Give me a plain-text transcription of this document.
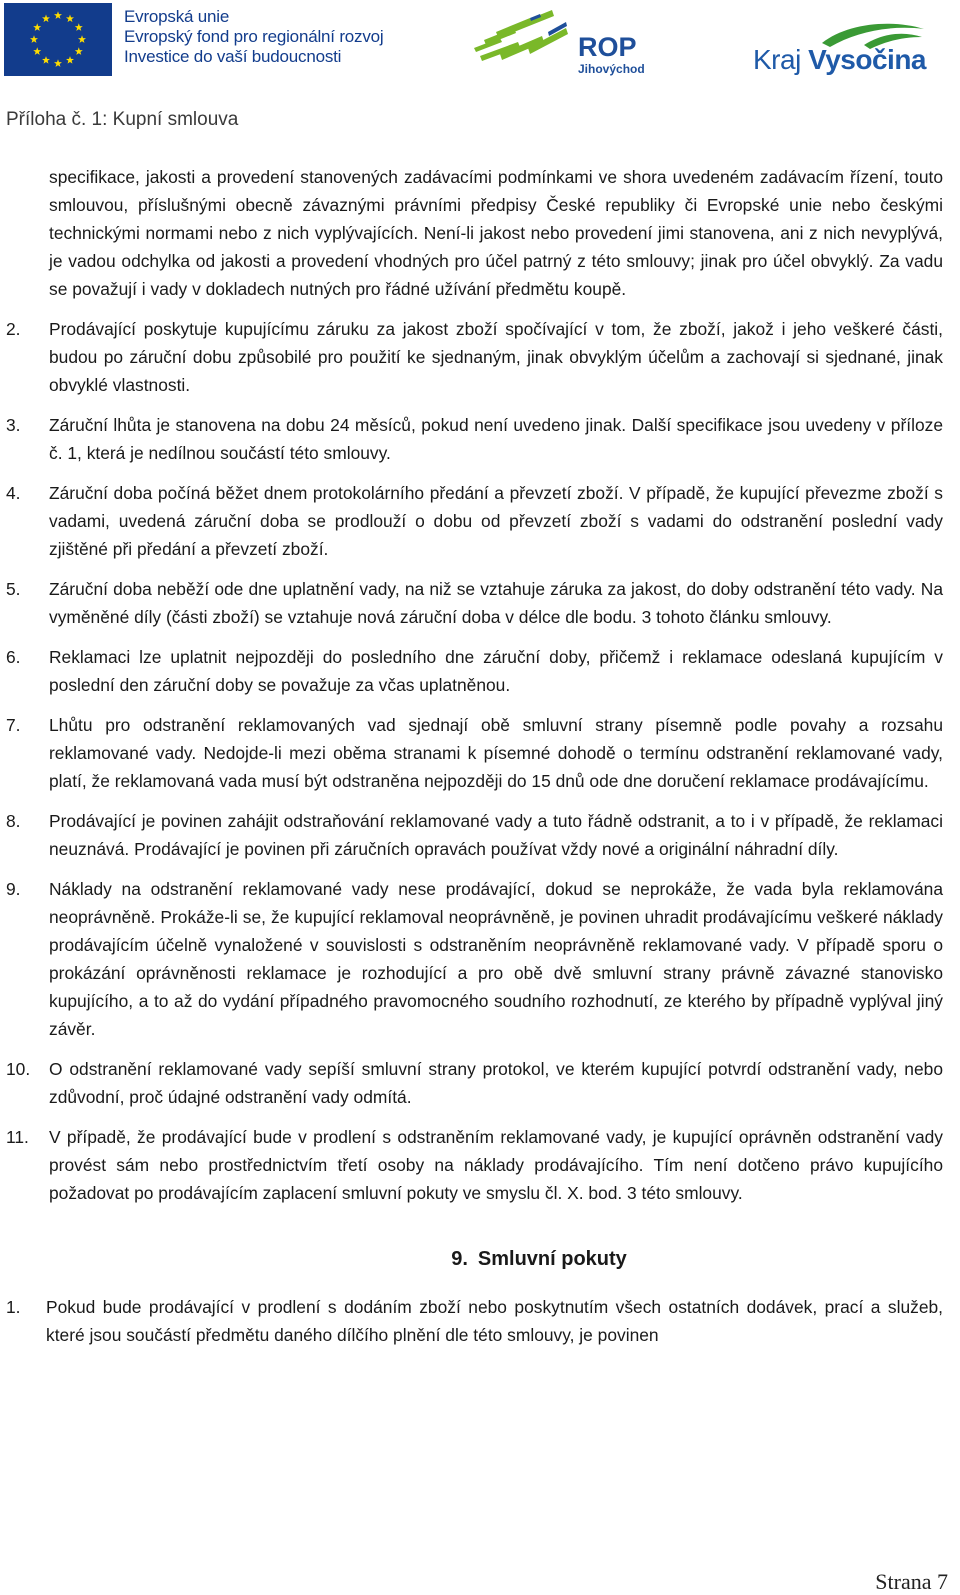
Evropská unie
Evropský fond pro regionální rozvoj
Investice do vaší budoucnosti	ROP
Jihovýchod	Kraj Vysočina
Příloha č. 1: Kupní smlouva

specifikace, jakosti a provedení stanovených zadávacími podmínkami ve shora uvedeném zadávacím řízení, touto smlouvou, příslušnými obecně závaznými právními předpisy České republiky či Evropské unie nebo českými technickými normami nebo z nich vyplývajících. Není-li jakost nebo provedení jimi stanovena, ani z nich nevyplývá, je vadou odchylka od jakosti a provedení vhodných pro účel patrný z této smlouvy; jinak pro účel obvyklý. Za vadu se považují i vady v dokladech nutných pro řádné užívání předmětu koupě.

2.	Prodávající poskytuje kupujícímu záruku za jakost zboží spočívající v tom, že zboží, jakož i jeho veškeré části, budou po záruční dobu způsobilé pro použití ke sjednaným, jinak obvyklým účelům a zachovají si sjednané, jinak obvyklé vlastnosti.
3.	Záruční lhůta je stanovena na dobu 24 měsíců, pokud není uvedeno jinak. Další specifikace jsou uvedeny v příloze č. 1, která je nedílnou součástí této smlouvy.
4.	Záruční doba počíná běžet dnem protokolárního předání a převzetí zboží. V případě, že kupující převezme zboží s vadami, uvedená záruční doba se prodlouží o dobu od převzetí zboží s vadami do odstranění poslední vady zjištěné při předání a převzetí zboží.
5.	Záruční doba neběží ode dne uplatnění vady, na niž se vztahuje záruka za jakost, do doby odstranění této vady. Na vyměněné díly (části zboží) se vztahuje nová záruční doba v délce dle bodu. 3 tohoto článku smlouvy.
6.	Reklamaci lze uplatnit nejpozději do posledního dne záruční doby, přičemž i reklamace odeslaná kupujícím v poslední den záruční doby se považuje za včas uplatněnou.
7.	Lhůtu pro odstranění reklamovaných vad sjednají obě smluvní strany písemně podle povahy a rozsahu reklamované vady. Nedojde-li mezi oběma stranami k písemné dohodě o termínu odstranění reklamované vady, platí, že reklamovaná vada musí být odstraněna nejpozději do 15 dnů ode dne doručení reklamace prodávajícímu.
8.	Prodávající je povinen zahájit odstraňování reklamované vady a tuto řádně odstranit, a to i v případě, že reklamaci neuznává. Prodávající je povinen při záručních opravách používat vždy nové a originální náhradní díly.
9.	Náklady na odstranění reklamované vady nese prodávající, dokud se neprokáže, že vada byla reklamována neoprávněně. Prokáže-li se, že kupující reklamoval neoprávněně, je povinen uhradit prodávajícímu veškeré náklady prodávajícím účelně vynaložené v souvislosti s odstraněním neoprávněně reklamované vady. V případě sporu o prokázání oprávněnosti reklamace je rozhodující a pro obě dvě smluvní strany právně závazné stanovisko kupujícího, a to až do vydání případného pravomocného soudního rozhodnutí, ze kterého by případně vyplýval jiný závěr.
10.	O odstranění reklamované vady sepíší smluvní strany protokol, ve kterém kupující potvrdí odstranění vady, nebo zdůvodní, proč údajné odstranění vady odmítá.
11.	V případě, že prodávající bude v prodlení s odstraněním reklamované vady, je kupující oprávněn odstranění vady provést sám nebo prostřednictvím třetí osoby na náklady prodávajícího. Tím není dotčeno právo kupujícího požadovat po prodávajícím zaplacení smluvní pokuty ve smyslu čl. X. bod. 3 této smlouvy.
9. Smluvní pokuty
1.	Pokud bude prodávající v prodlení s dodáním zboží nebo poskytnutím všech ostatních dodávek, prací a služeb, které jsou součástí předmětu daného dílčího plnění dle této smlouvy, je povinen
Strana 7
